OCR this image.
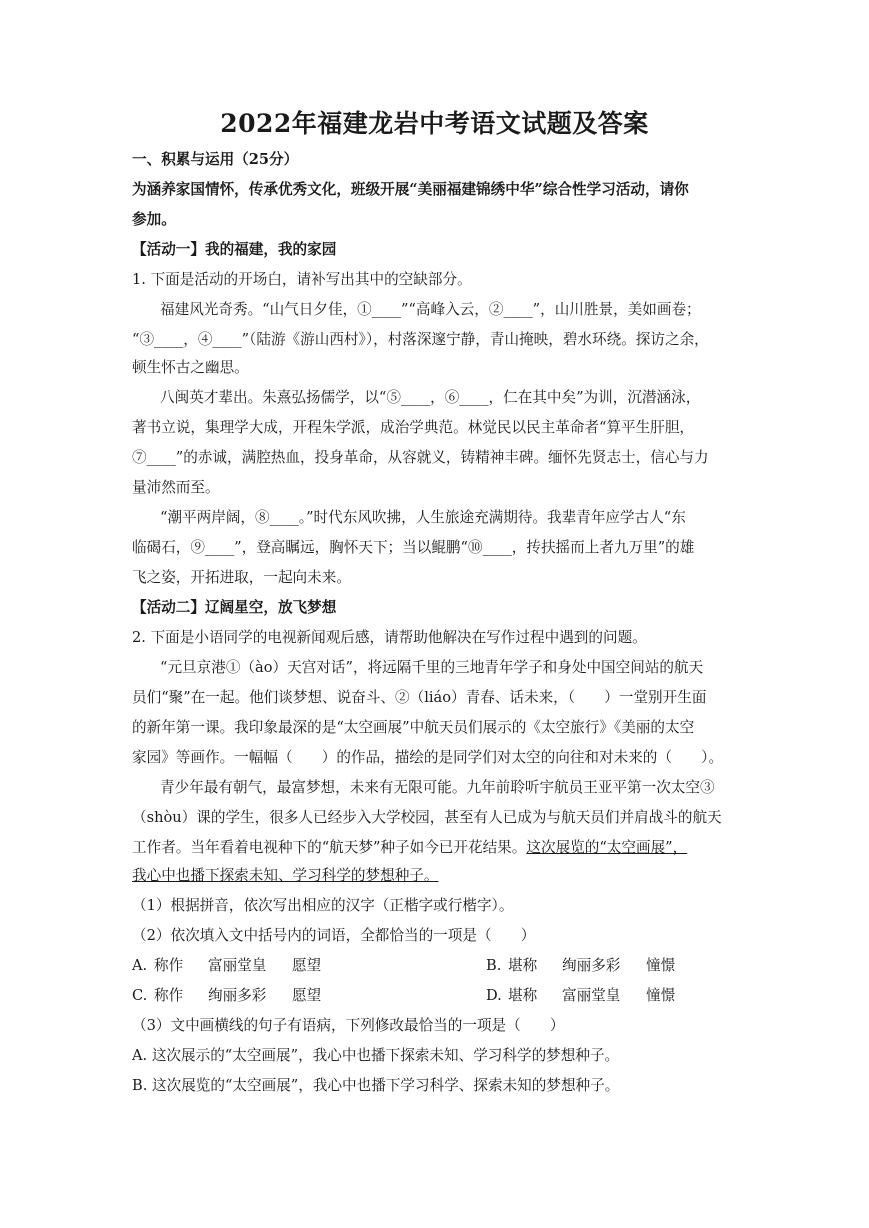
2022年福建龙岩中考语文试题及答案
一、积累与运用（25分）
为涵养家国情怀，传承优秀文化，班级开展“美丽福建锦绣中华”综合性学习活动，请你
参加。
【活动一】我的福建，我的家园
1. 下面是活动的开场白，请补写出其中的空缺部分。
福建风光奇秀。“山气日夕佳，①____”“高峰入云，②____”，山川胜景，美如画卷；
“③____，④____”（陆游《游山西村》），村落深邃宁静，青山掩映，碧水环绕。探访之余，
顿生怀古之幽思。
八闽英才辈出。朱熹弘扬儒学，以“⑤____，⑥____，仁在其中矣”为训，沉潜涵泳，
著书立说，集理学大成，开程朱学派，成治学典范。林觉民以民主革命者“算平生肝胆，
⑦____”的赤诚，满腔热血，投身革命，从容就义，铸精神丰碑。缅怀先贤志士，信心与力
量沛然而至。
“潮平两岸阔，⑧____。”时代东风吹拂，人生旅途充满期待。我辈青年应学古人“东
临碣石，⑨____”，登高瞩远，胸怀天下；当以鲲鹏“⑩____，抟扶摇而上者九万里”的雄
飞之姿，开拓进取，一起向未来。
【活动二】辽阔星空，放飞梦想
2. 下面是小语同学的电视新闻观后感，请帮助他解决在写作过程中遇到的问题。
“元旦京港①（ào）天宫对话”，将远隔千里的三地青年学子和身处中国空间站的航天
员们“聚”在一起。他们谈梦想、说奋斗、②（liáo）青春、话未来，（　　）一堂别开生面
的新年第一课。我印象最深的是“太空画展”中航天员们展示的《太空旅行》《美丽的太空
家园》等画作。一幅幅（　　）的作品，描绘的是同学们对太空的向往和对未来的（　　）。
青少年最有朝气，最富梦想，未来有无限可能。九年前聆听宇航员王亚平第一次太空③
（shòu）课的学生，很多人已经步入大学校园，甚至有人已成为与航天员们并肩战斗的航天
工作者。当年看着电视种下的“航天梦”种子如今已开花结果。这次展览的“太空画展”，
我心中也播下探索未知、学习科学的梦想种子。
（1）根据拼音，依次写出相应的汉字（正楷字或行楷字）。
（2）依次填入文中括号内的词语，全都恰当的一项是（　　）
A. 称作 富丽堂皇 愿望	B. 堪称 绚丽多彩 憧憬
C. 称作 绚丽多彩 愿望	D. 堪称 富丽堂皇 憧憬
（3）文中画横线的句子有语病，下列修改最恰当的一项是（　　）
A. 这次展示的“太空画展”，我心中也播下探索未知、学习科学的梦想种子。
B. 这次展览的“太空画展”，我心中也播下学习科学、探索未知的梦想种子。
